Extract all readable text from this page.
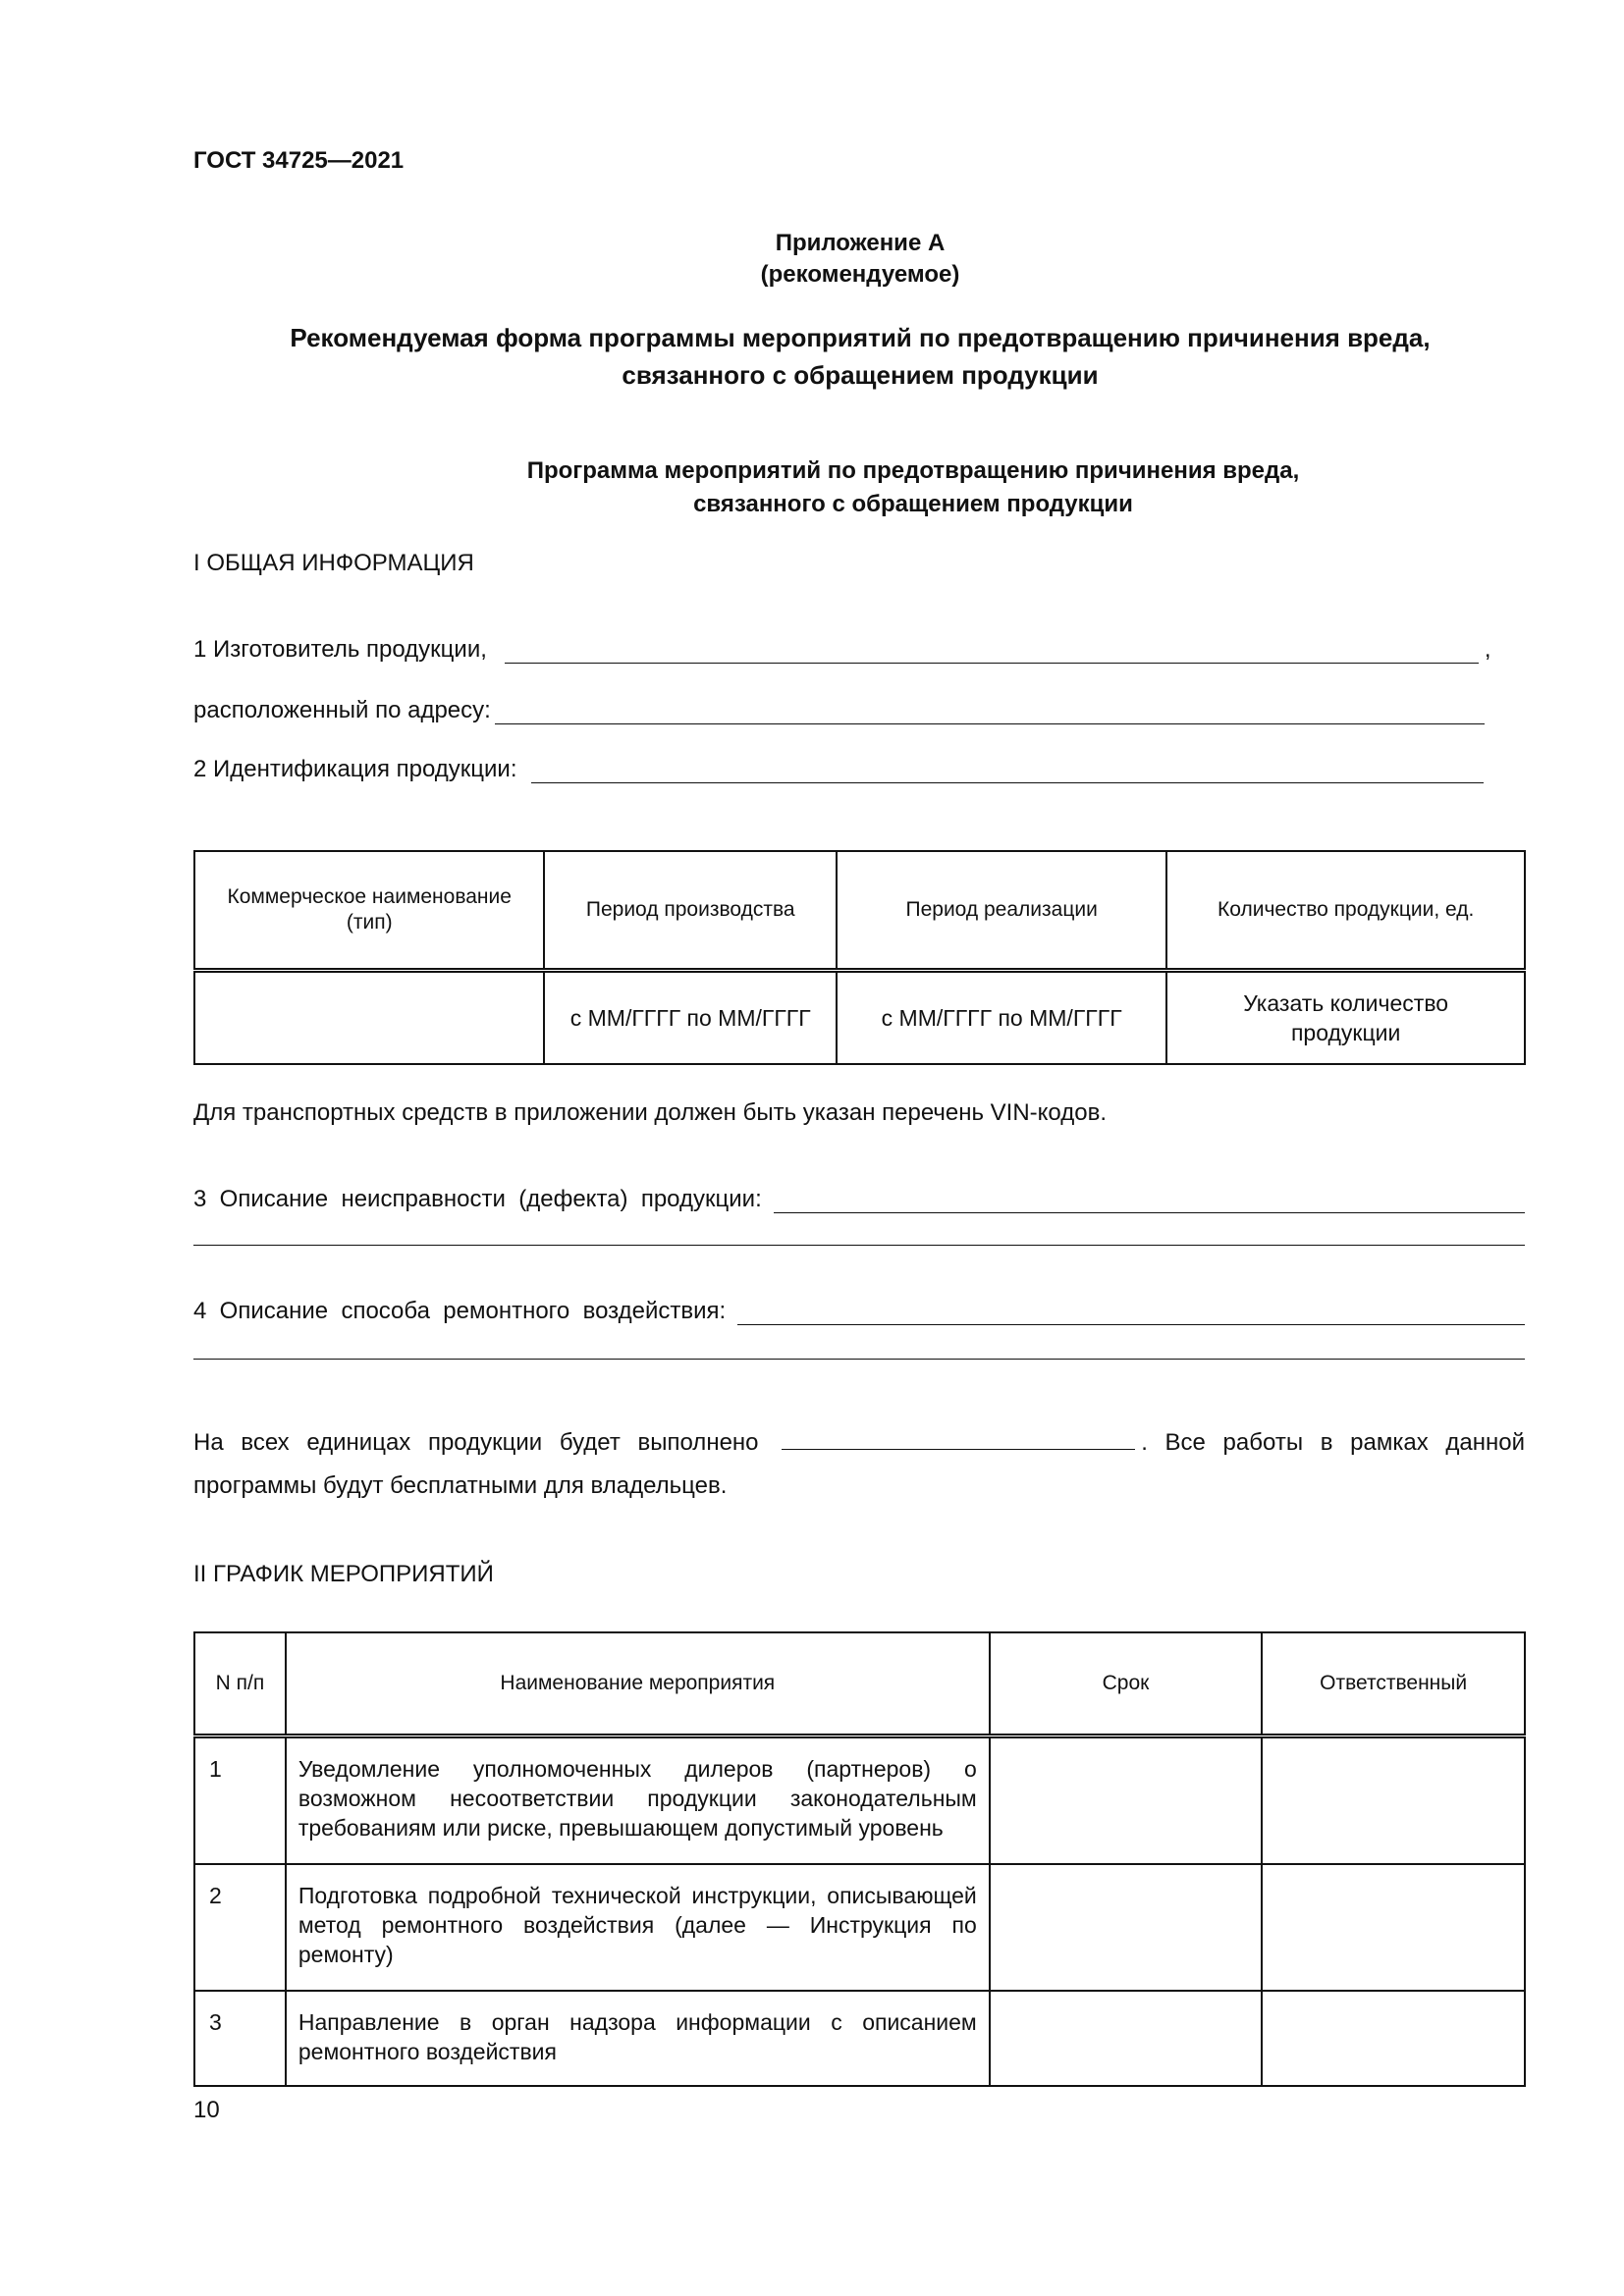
ГОСТ 34725—2021
Приложение А
(рекомендуемое)
Рекомендуемая форма программы мероприятий по предотвращению причинения вреда,
связанного с обращением продукции
Программа мероприятий по предотвращению причинения вреда,
связанного с обращением продукции
I ОБЩАЯ ИНФОРМАЦИЯ
1 Изготовитель продукции,	,
расположенный по адресу:
2 Идентификация продукции:
Коммерческое наименование (тип)	Период производства	Период реализации	Количество продукции, ед.
	с ММ/ГГГГ по ММ/ГГГГ	с ММ/ГГГГ по ММ/ГГГГ	Указать количество продукции
Для транспортных средств в приложении должен быть указан перечень VIN-кодов.
3  Описание  неисправности  (дефекта)  продукции:
4  Описание  способа  ремонтного  воздействия:
На всех единицах продукции будет выполнено	. Все работы в рамках данной программы будут бесплатными для владельцев.
II ГРАФИК МЕРОПРИЯТИЙ
N п/п	Наименование мероприятия	Срок	Ответственный
1	Уведомление уполномоченных дилеров (партнеров) о возможном несоответствии продукции законодательным требованиям или риске, превышающем допустимый уровень		
2	Подготовка подробной технической инструкции, описывающей метод ремонтного воздействия (далее — Инструкция по ремонту)		
3	Направление в орган надзора информации с описанием ремонтного воздействия		
10
